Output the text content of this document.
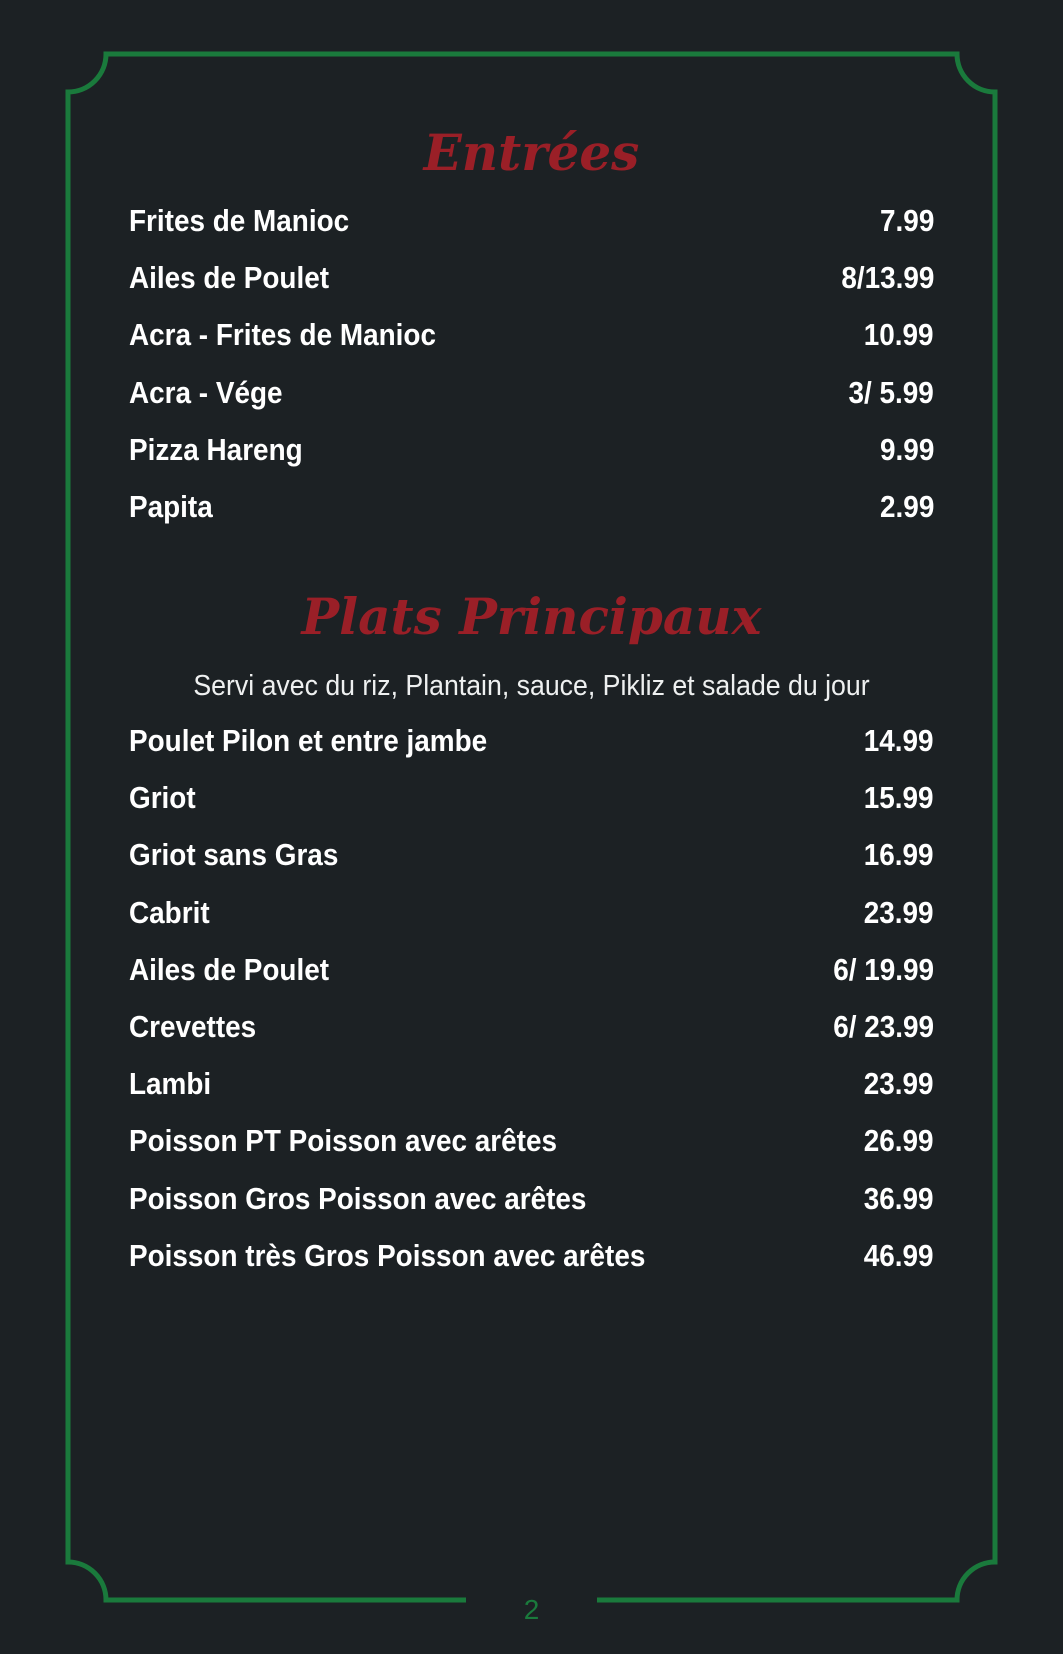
Entrées
Frites de Manioc	7.99
Ailes de Poulet	8/13.99
Acra - Frites de Manioc	10.99
Acra - Vége	3/ 5.99
Pizza Hareng	9.99
Papita	2.99
Plats Principaux
Servi avec du riz, Plantain, sauce, Pikliz et salade du jour
Poulet Pilon et entre jambe	14.99
Griot	15.99
Griot sans Gras	16.99
Cabrit	23.99
Ailes de Poulet	6/ 19.99
Crevettes	6/ 23.99
Lambi	23.99
Poisson PT Poisson avec arêtes	26.99
Poisson Gros Poisson avec arêtes	36.99
Poisson très Gros Poisson avec arêtes	46.99
2
